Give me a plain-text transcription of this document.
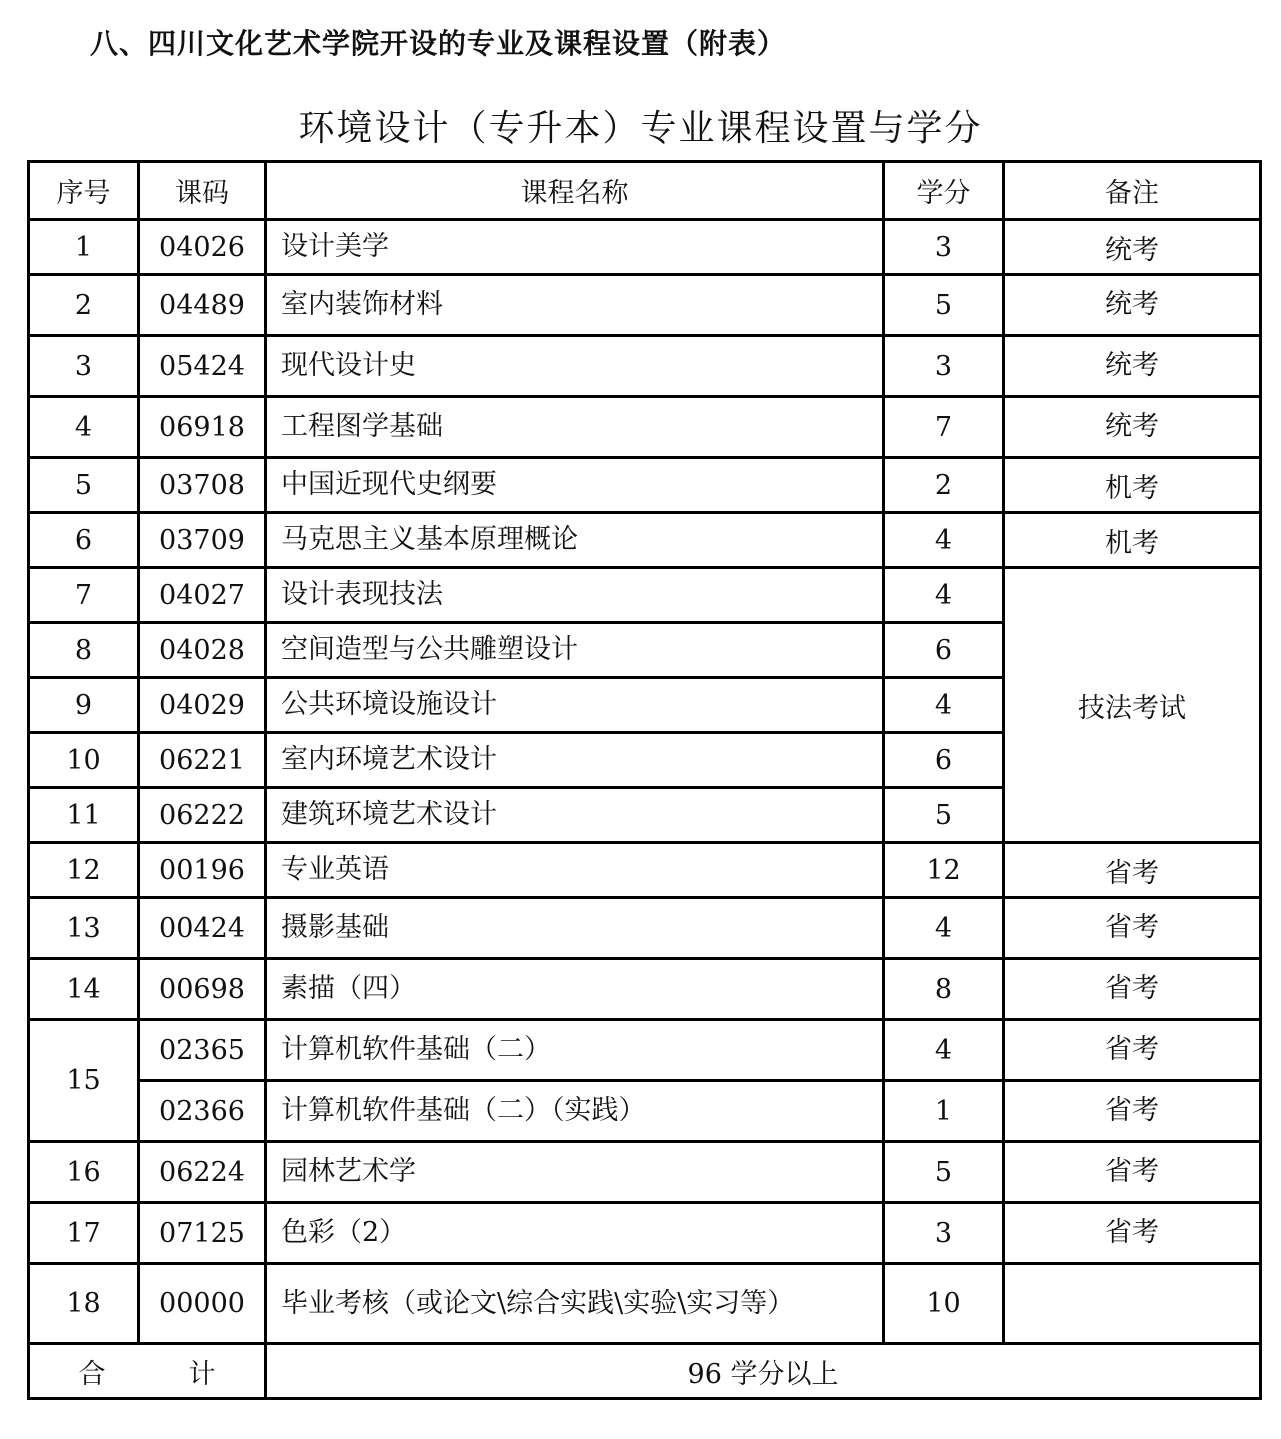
八、四川文化艺术学院开设的专业及课程设置（附表）
环境设计（专升本）专业课程设置与学分
序号	课码	课程名称	学分	备注
1	04026	设计美学	3	统考
2	04489	室内装饰材料	5	统考
3	05424	现代设计史	3	统考
4	06918	工程图学基础	7	统考
5	03708	中国近现代史纲要	2	机考
6	03709	马克思主义基本原理概论	4	机考
7	04027	设计表现技法	4	技法考试
8	04028	空间造型与公共雕塑设计	6	
9	04029	公共环境设施设计	4	
10	06221	室内环境艺术设计	6	
11	06222	建筑环境艺术设计	5	
12	00196	专业英语	12	省考
13	00424	摄影基础	4	省考
14	00698	素描（四）	8	省考
15	02365	计算机软件基础（二）	4	省考
	02366	计算机软件基础（二）（实践）	1	省考
16	06224	园林艺术学	5	省考
17	07125	色彩（2）	3	省考
18	00000	毕业考核（或论文\综合实践\实验\实习等）	10	
合 计		96 学分以上		
